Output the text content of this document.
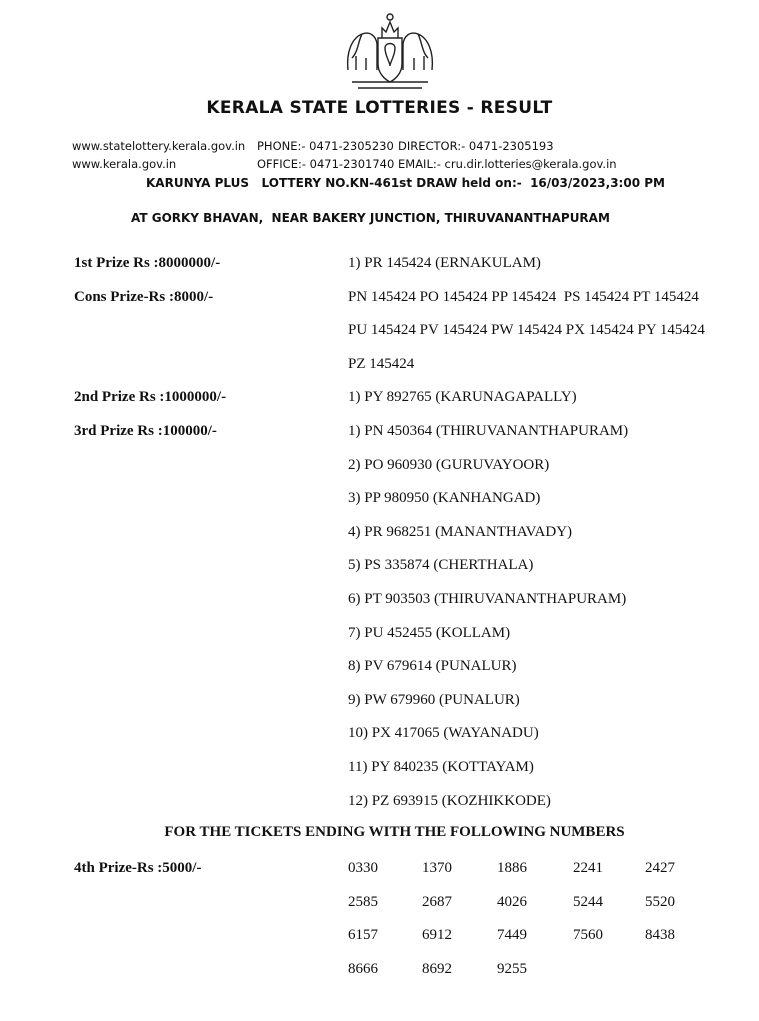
KERALA STATE LOTTERIES - RESULT
www.statelottery.kerala.gov.in PHONE:- 0471-2305230 DIRECTOR:- 0471-2305193
www.kerala.gov.in	OFFICE:- 0471-2301740 EMAIL:- cru.dir.lotteries@kerala.gov.in
KARUNYA PLUS   LOTTERY NO.KN-461st DRAW held on:-  16/03/2023,3:00 PM
AT GORKY BHAVAN,  NEAR BAKERY JUNCTION, THIRUVANANTHAPURAM
1st Prize Rs :8000000/-	1) PR 145424 (ERNAKULAM)
Cons Prize-Rs :8000/-	PN 145424 PO 145424 PP 145424  PS 145424 PT 145424
PU 145424 PV 145424 PW 145424 PX 145424 PY 145424
PZ 145424
2nd Prize Rs :1000000/-	1) PY 892765 (KARUNAGAPALLY)
3rd Prize Rs :100000/-	1) PN 450364 (THIRUVANANTHAPURAM)
2) PO 960930 (GURUVAYOOR)
3) PP 980950 (KANHANGAD)
4) PR 968251 (MANANTHAVADY)
5) PS 335874 (CHERTHALA)
6) PT 903503 (THIRUVANANTHAPURAM)
7) PU 452455 (KOLLAM)
8) PV 679614 (PUNALUR)
9) PW 679960 (PUNALUR)
10) PX 417065 (WAYANADU)
11) PY 840235 (KOTTAYAM)
12) PZ 693915 (KOZHIKKODE)
FOR THE TICKETS ENDING WITH THE FOLLOWING NUMBERS
4th Prize-Rs :5000/-	0330	1370	1886	2241	2427
2585	2687	4026	5244	5520
6157	6912	7449	7560	8438
8666	8692	9255
